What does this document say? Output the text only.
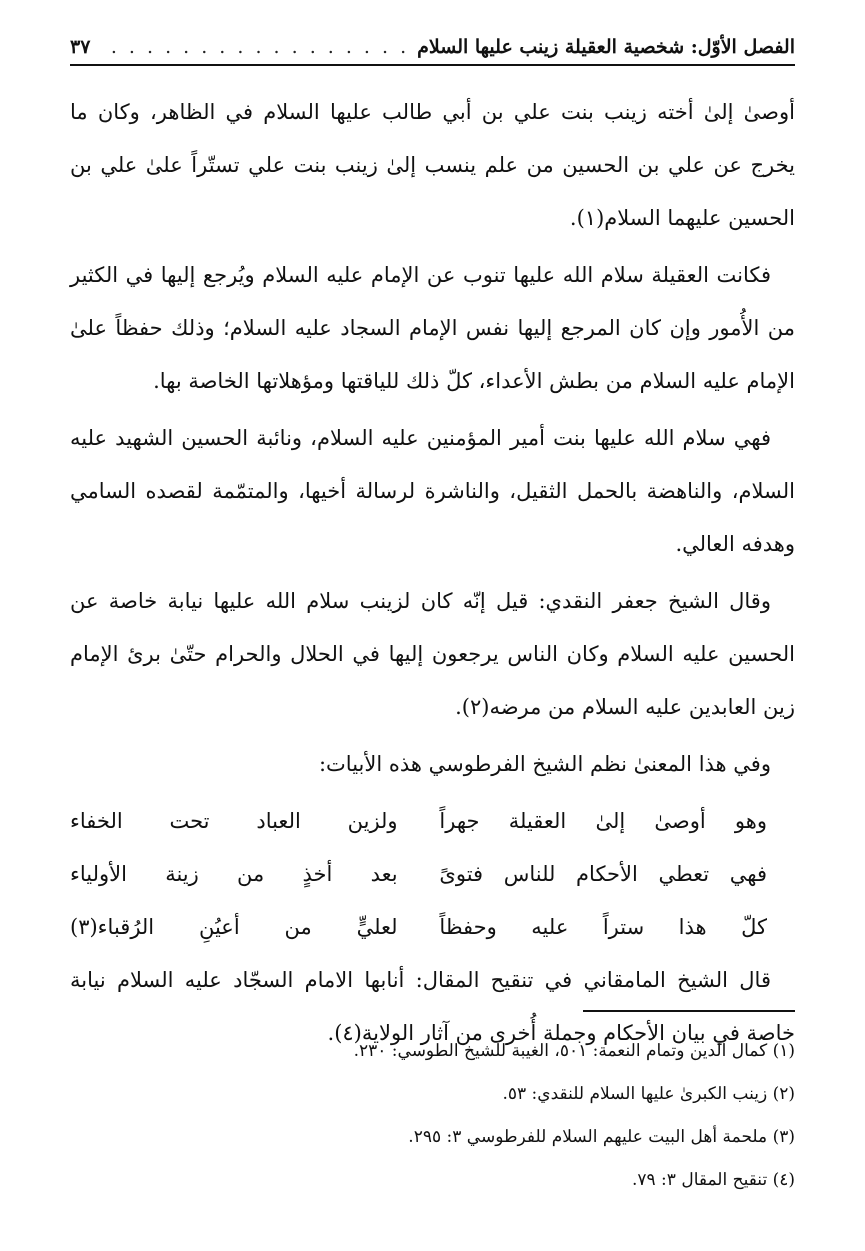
الفصل الأوّل: شخصية العقيلة زينب عليها السلام
. . .
٣٧

أوصىٰ إلىٰ أخته زينب بنت علي بن أبي طالب عليها السلام في الظاهر، وكان ما يخرج عن علي بن الحسين من علم ينسب إلىٰ زينب بنت علي تستّراً علىٰ علي بن الحسين عليهما السلام(١).

فكانت العقيلة سلام الله عليها تنوب عن الإمام عليه السلام ويُرجع إليها في الكثير من الأُمور وإن كان المرجع إليها نفس الإمام السجاد عليه السلام؛ وذلك حفظاً علىٰ الإمام عليه السلام من بطش الأعداء، كلّ ذلك للياقتها ومؤهلاتها الخاصة بها.

فهي سلام الله عليها بنت أمير المؤمنين عليه السلام، ونائبة الحسين الشهيد عليه السلام، والناهضة بالحمل الثقيل، والناشرة لرسالة أخيها، والمتمّمة لقصده السامي وهدفه العالي.

وقال الشيخ جعفر النقدي: قيل إنّه كان لزينب سلام الله عليها نيابة خاصة عن الحسين عليه السلام وكان الناس يرجعون إليها في الحلال والحرام حتّىٰ برئ الإمام زين العابدين عليه السلام من مرضه(٢).

وفي هذا المعنىٰ نظم الشيخ الفرطوسي هذه الأبيات:

وهو أوصىٰ إلىٰ العقيلة جهراً
ولزين العباد تحت الخفاء
فهي تعطي الأحكام للناس فتوىً
بعد أخذٍ من زينة الأولياء
كلّ هذا ستراً عليه وحفظاً
لعليٍّ من أعيُنِ الرُقباء(٣)

قال الشيخ المامقاني في تنقيح المقال: أنابها الامام السجّاد عليه السلام نيابة خاصة في بيان الأحكام وجملة أُخرى من آثار الولاية(٤).

(١) كمال الدين وتمام النعمة: ٥٠١، الغيبة للشيخ الطوسي: ٢٣٠.
(٢) زينب الكبرىٰ عليها السلام للنقدي: ٥٣.
(٣) ملحمة أهل البيت عليهم السلام للفرطوسي ٣: ٢٩٥.
(٤) تنقيح المقال ٣: ٧٩.
